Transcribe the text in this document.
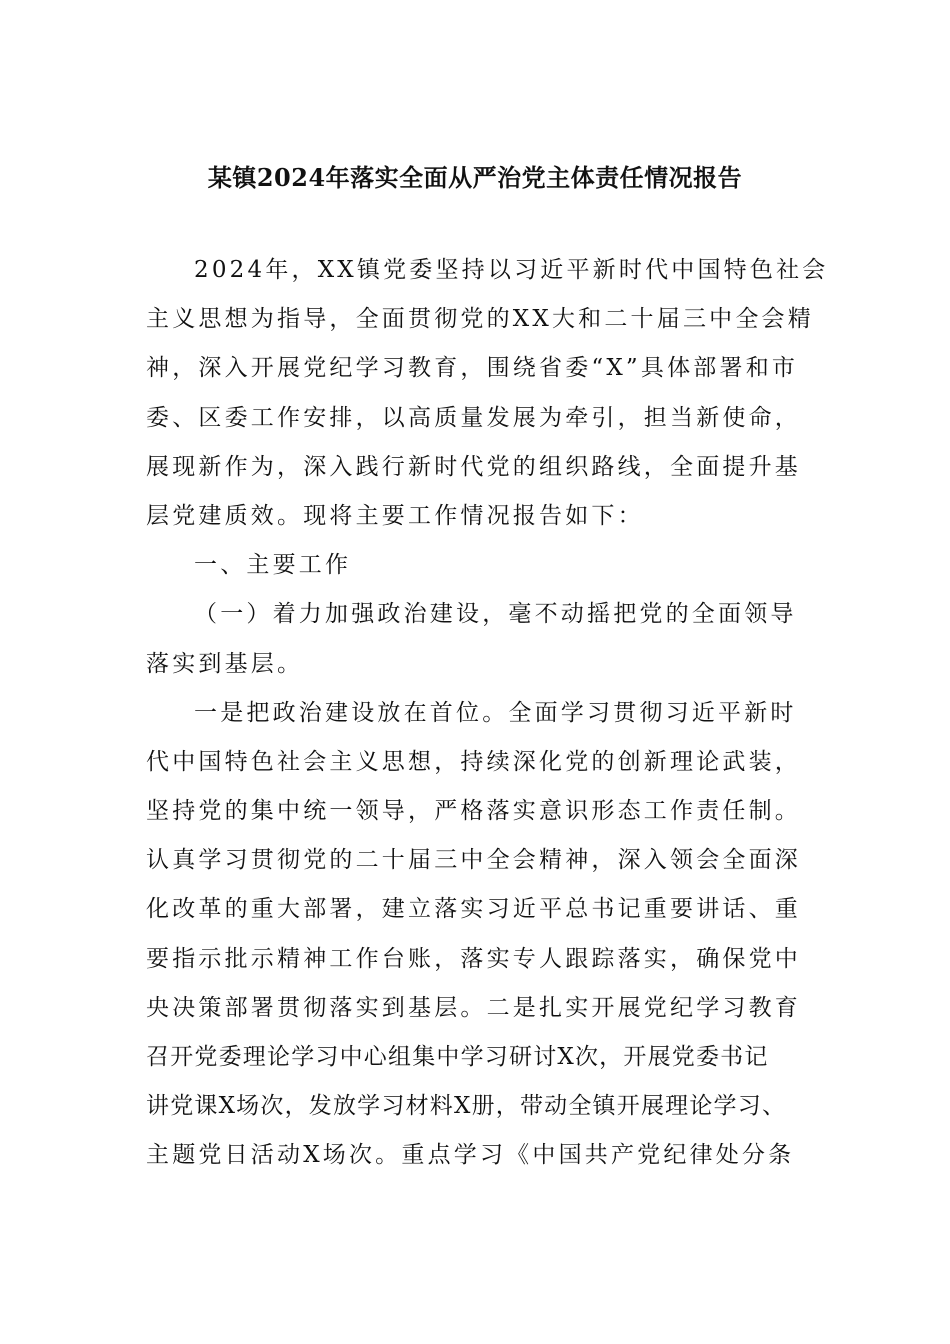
某镇2024年落实全面从严治党主体责任情况报告
2024年，XX镇党委坚持以习近平新时代中国特色社会
主义思想为指导，全面贯彻党的XX大和二十届三中全会精
神，深入开展党纪学习教育，围绕省委“X”具体部署和市
委、区委工作安排，以高质量发展为牵引，担当新使命，
展现新作为，深入践行新时代党的组织路线，全面提升基
层党建质效。现将主要工作情况报告如下：
一、主要工作
（一）着力加强政治建设，毫不动摇把党的全面领导
落实到基层。
一是把政治建设放在首位。全面学习贯彻习近平新时
代中国特色社会主义思想，持续深化党的创新理论武装，
坚持党的集中统一领导，严格落实意识形态工作责任制。
认真学习贯彻党的二十届三中全会精神，深入领会全面深
化改革的重大部署，建立落实习近平总书记重要讲话、重
要指示批示精神工作台账，落实专人跟踪落实，确保党中
央决策部署贯彻落实到基层。二是扎实开展党纪学习教育
召开党委理论学习中心组集中学习研讨X次，开展党委书记
讲党课X场次，发放学习材料X册，带动全镇开展理论学习、
主题党日活动X场次。重点学习《中国共产党纪律处分条
